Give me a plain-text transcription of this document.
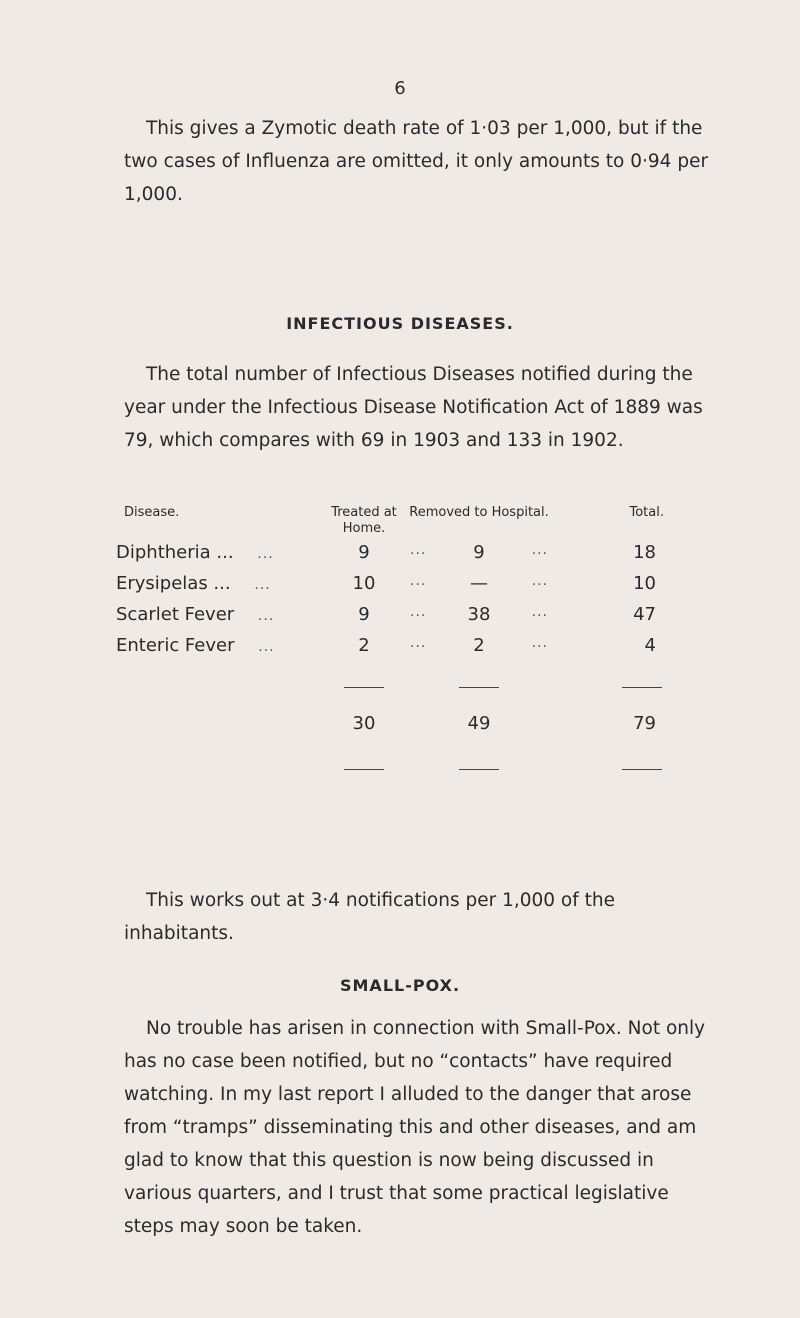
6

This gives a Zymotic death rate of 1·03 per 1,000, but if the two cases of Influenza are omitted, it only amounts to 0·94 per 1,000.

INFECTIOUS DISEASES.

The total number of Infectious Diseases notified during the year under the Infectious Disease Notification Act of 1889 was 79, which compares with 69 in 1903 and 133 in 1902.

Disease.	Treated at Home.	Removed to Hospital.	Total.
Diphtheria ... ...	9	... 9 ...	18
Erysipelas ... ...	10	... — ...	10
Scarlet Fever ...	9	... 38 ...	47
Enteric Fever ...	2	... 2 ...	4

	30	49	79

This works out at 3·4 notifications per 1,000 of the inhabitants.

SMALL-POX.

No trouble has arisen in connection with Small-Pox. Not only has no case been notified, but no “contacts” have required watching. In my last report I alluded to the danger that arose from “tramps” disseminating this and other diseases, and am glad to know that this question is now being discussed in various quarters, and I trust that some practical legislative steps may soon be taken.
